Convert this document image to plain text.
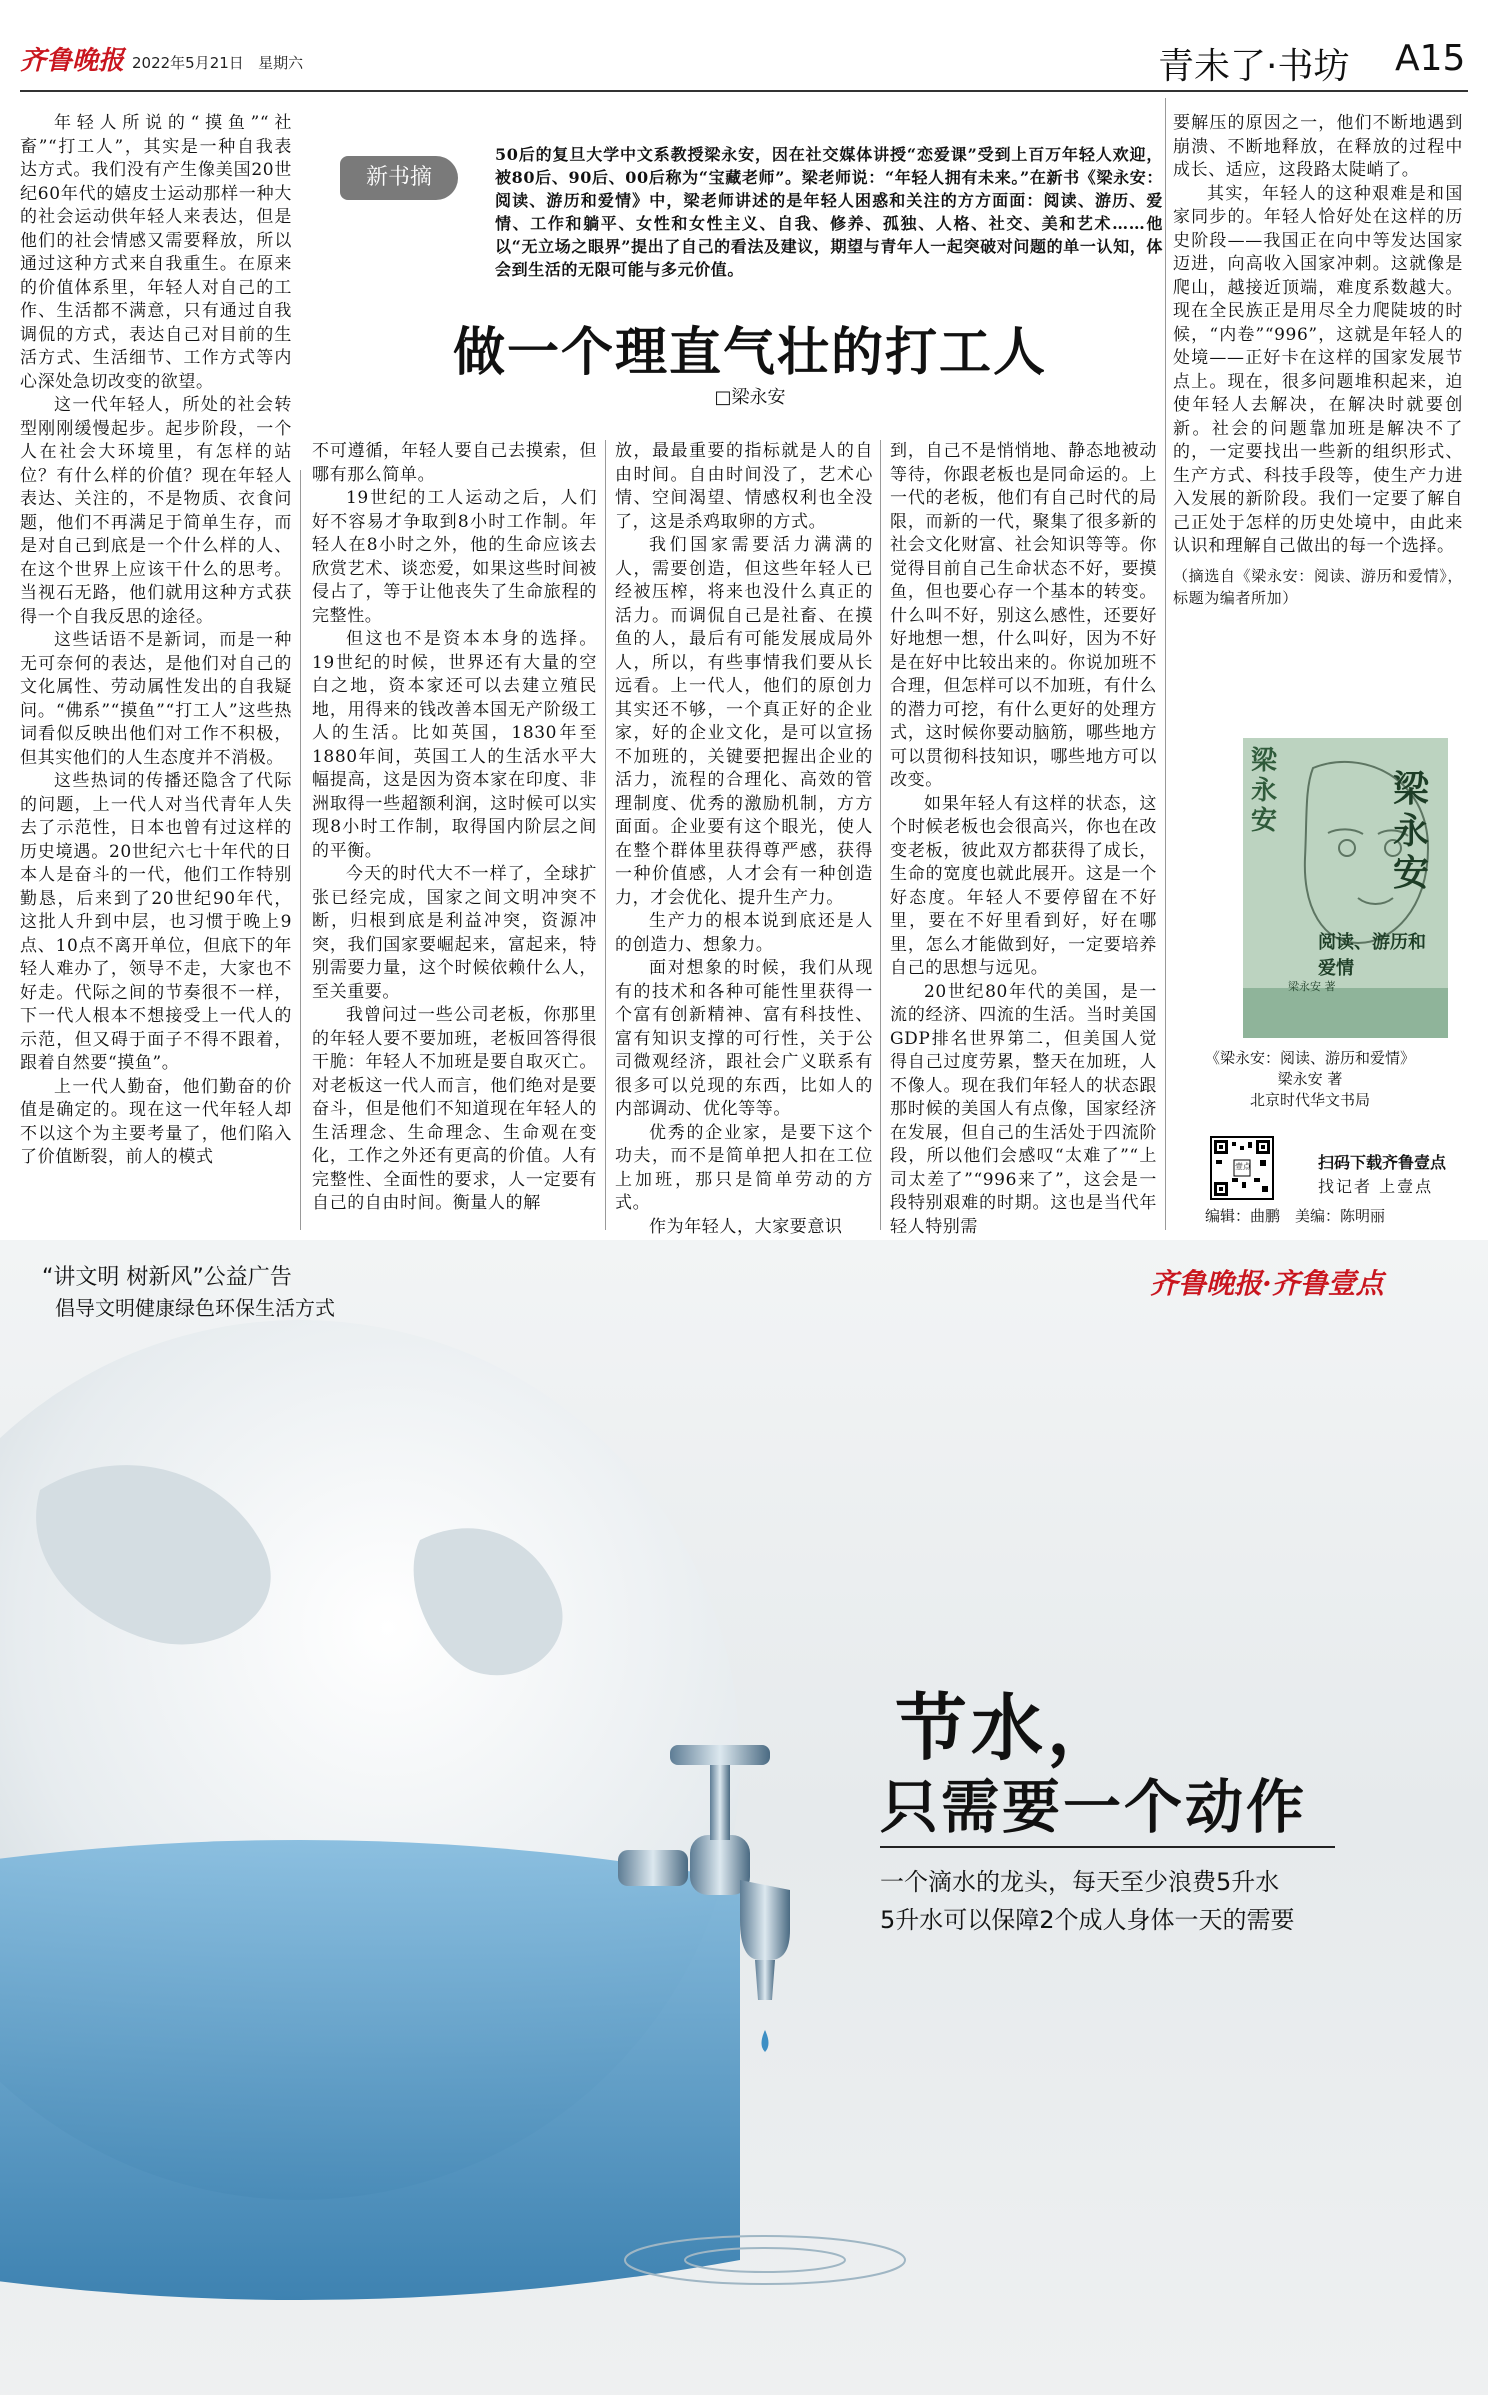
齐鲁晚报 2022年5月21日 星期六	青未了·书坊 A15
新书摘
50后的复旦大学中文系教授梁永安，因在社交媒体讲授“恋爱课”受到上百万年轻人欢迎，被80后、90后、00后称为“宝藏老师”。梁老师说：“年轻人拥有未来。”在新书《梁永安：阅读、游历和爱情》中，梁老师讲述的是年轻人困惑和关注的方方面面：阅读、游历、爱情、工作和躺平、女性和女性主义、自我、修养、孤独、人格、社交、美和艺术……他以“无立场之眼界”提出了自己的看法及建议，期望与青年人一起突破对问题的单一认知，体会到生活的无限可能与多元价值。
做一个理直气壮的打工人
□梁永安

年轻人所说的“摸鱼”“社畜”“打工人”，其实是一种自我表达方式。我们没有产生像美国20世纪60年代的嬉皮士运动那样一种大的社会运动供年轻人来表达，但是他们的社会情感又需要释放，所以通过这种方式来自我重生。在原来的价值体系里，年轻人对自己的工作、生活都不满意，只有通过自我调侃的方式，表达自己对目前的生活方式、生活细节、工作方式等内心深处急切改变的欲望。

这一代年轻人，所处的社会转型刚刚缓慢起步。起步阶段，一个人在社会大环境里，有怎样的站位？有什么样的价值？现在年轻人表达、关注的，不是物质、衣食问题，他们不再满足于简单生存，而是对自己到底是一个什么样的人、在这个世界上应该干什么的思考。当视石无路，他们就用这种方式获得一个自我反思的途径。

这些话语不是新词，而是一种无可奈何的表达，是他们对自己的文化属性、劳动属性发出的自我疑问。“佛系”“摸鱼”“打工人”这些热词看似反映出他们对工作不积极，但其实他们的人生态度并不消极。

这些热词的传播还隐含了代际的问题，上一代人对当代青年人失去了示范性，日本也曾有过这样的历史境遇。20世纪六七十年代的日本人是奋斗的一代，他们工作特别勤恳，后来到了20世纪90年代，这批人升到中层，也习惯于晚上9点、10点不离开单位，但底下的年轻人难办了，领导不走，大家也不好走。代际之间的节奏很不一样，下一代人根本不想接受上一代人的示范，但又碍于面子不得不跟着，跟着自然要“摸鱼”。

上一代人勤奋，他们勤奋的价值是确定的。现在这一代年轻人却不以这个为主要考量了，他们陷入了价值断裂，前人的模式

不可遵循，年轻人要自己去摸索，但哪有那么简单。

19世纪的工人运动之后，人们好不容易才争取到8小时工作制。年轻人在8小时之外，他的生命应该去欣赏艺术、谈恋爱，如果这些时间被侵占了，等于让他丧失了生命旅程的完整性。

但这也不是资本本身的选择。19世纪的时候，世界还有大量的空白之地，资本家还可以去建立殖民地，用得来的钱改善本国无产阶级工人的生活。比如英国，1830年至1880年间，英国工人的生活水平大幅提高，这是因为资本家在印度、非洲取得一些超额利润，这时候可以实现8小时工作制，取得国内阶层之间的平衡。

今天的时代大不一样了，全球扩张已经完成，国家之间文明冲突不断，归根到底是利益冲突，资源冲突，我们国家要崛起来，富起来，特别需要力量，这个时候依赖什么人，至关重要。

我曾问过一些公司老板，你那里的年轻人要不要加班，老板回答得很干脆：年轻人不加班是要自取灭亡。对老板这一代人而言，他们绝对是要奋斗，但是他们不知道现在年轻人的生活理念、生命理念、生命观在变化，工作之外还有更高的价值。人有完整性、全面性的要求，人一定要有自己的自由时间。衡量人的解

放，最最重要的指标就是人的自由时间。自由时间没了，艺术心情、空间渴望、情感权利也全没了，这是杀鸡取卵的方式。

我们国家需要活力满满的人，需要创造，但这些年轻人已经被压榨，将来也没什么真正的活力。而调侃自己是社畜、在摸鱼的人，最后有可能发展成局外人，所以，有些事情我们要从长远看。上一代人，他们的原创力其实还不够，一个真正好的企业家，好的企业文化，是可以宣扬不加班的，关键要把握出企业的活力，流程的合理化、高效的管理制度、优秀的激励机制，方方面面。企业要有这个眼光，使人在整个群体里获得尊严感，获得一种价值感，人才会有一种创造力，才会优化、提升生产力。

生产力的根本说到底还是人的创造力、想象力。

面对想象的时候，我们从现有的技术和各种可能性里获得一个富有创新精神、富有科技性、富有知识支撑的可行性，关于公司微观经济，跟社会广义联系有很多可以兑现的东西，比如人的内部调动、优化等等。

优秀的企业家，是要下这个功夫，而不是简单把人扣在工位上加班，那只是简单劳动的方式。

作为年轻人，大家要意识

到，自己不是悄悄地、静态地被动等待，你跟老板也是同命运的。上一代的老板，他们有自己时代的局限，而新的一代，聚集了很多新的社会文化财富、社会知识等等。你觉得目前自己生命状态不好，要摸鱼，但也要心存一个基本的转变。什么叫不好，别这么感性，还要好好地想一想，什么叫好，因为不好是在好中比较出来的。你说加班不合理，但怎样可以不加班，有什么的潜力可挖，有什么更好的处理方式，这时候你要动脑筋，哪些地方可以贯彻科技知识，哪些地方可以改变。

如果年轻人有这样的状态，这个时候老板也会很高兴，你也在改变老板，彼此双方都获得了成长，生命的宽度也就此展开。这是一个好态度。年轻人不要停留在不好里，要在不好里看到好，好在哪里，怎么才能做到好，一定要培养自己的思想与远见。

20世纪80年代的美国，是一流的经济、四流的生活。当时美国GDP排名世界第二，但美国人觉得自己过度劳累，整天在加班，人不像人。现在我们年轻人的状态跟那时候的美国人有点像，国家经济在发展，但自己的生活处于四流阶段，所以他们会感叹“太难了”“上司太差了”“996来了”，这会是一段特别艰难的时期。这也是当代年轻人特别需

要解压的原因之一，他们不断地遇到崩溃、不断地释放，在释放的过程中成长、适应，这段路太陡峭了。

其实，年轻人的这种艰难是和国家同步的。年轻人恰好处在这样的历史阶段——我国正在向中等发达国家迈进，向高收入国家冲刺。这就像是爬山，越接近顶端，难度系数越大。现在全民族正是用尽全力爬陡坡的时候，“内卷”“996”，这就是年轻人的处境——正好卡在这样的国家发展节点上。现在，很多问题堆积起来，迫使年轻人去解决，在解决时就要创新。社会的问题靠加班是解决不了的，一定要找出一些新的组织形式、生产方式、科技手段等，使生产力进入发展的新阶段。我们一定要了解自己正处于怎样的历史处境中，由此来认识和理解自己做出的每一个选择。

（摘选自《梁永安：阅读、游历和爱情》，标题为编者所加）

梁永安
梁永安
阅读、游历和爱情
梁永安 著
《梁永安：阅读、游历和爱情》
梁永安 著
北京时代华文书局
壹点	扫码下载齐鲁壹点
找记者 上壹点
编辑：曲鹏　美编：陈明丽
“讲文明 树新风”公益广告
倡导文明健康绿色环保生活方式
齐鲁晚报·齐鲁壹点
节水，
只需要一个动作
一个滴水的龙头，每天至少浪费5升水
5升水可以保障2个成人身体一天的需要
